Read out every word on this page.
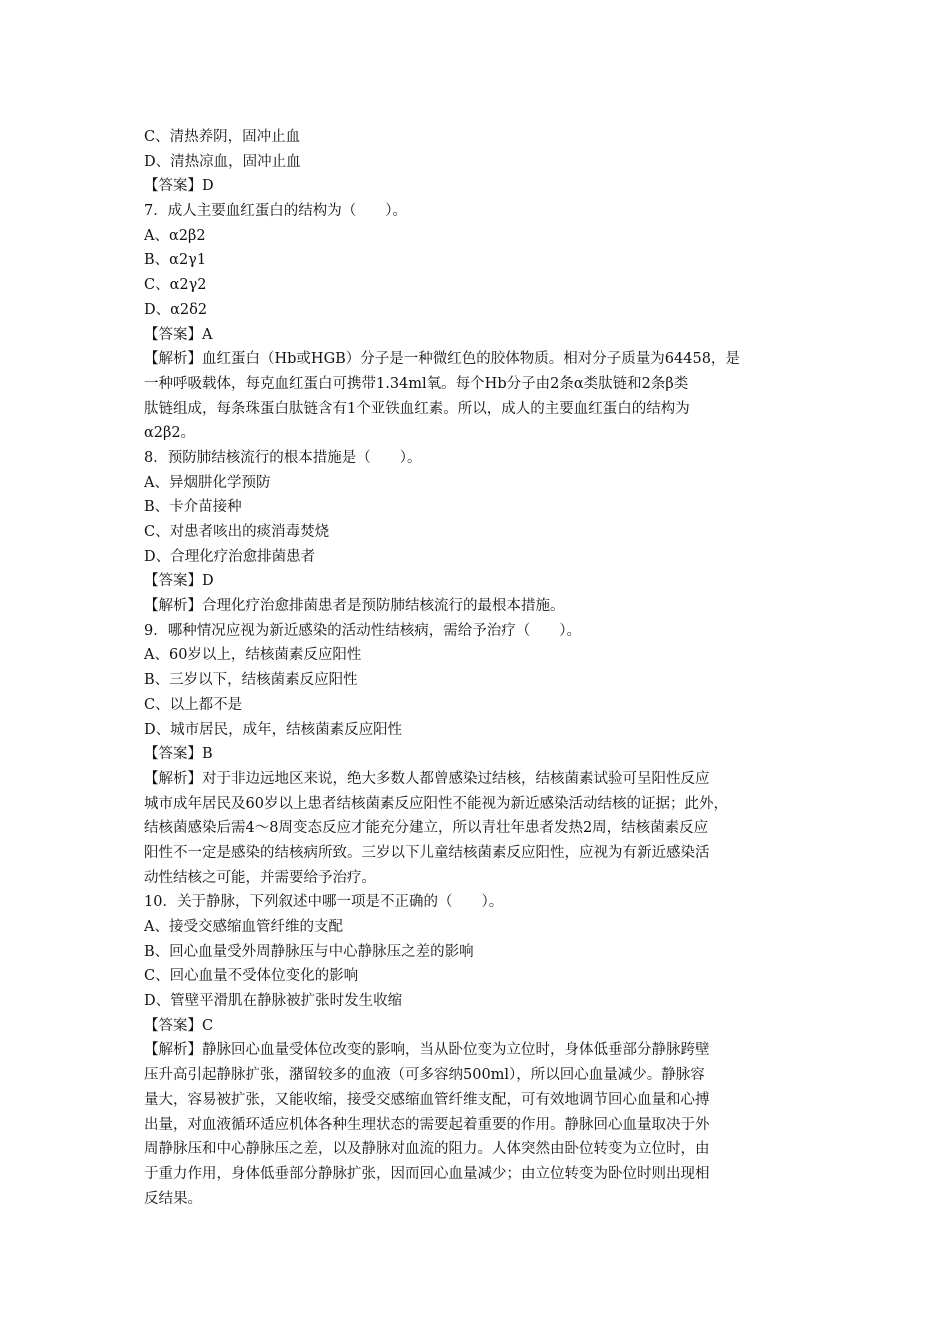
C、清热养阴，固冲止血
D、清热凉血，固冲止血
【答案】D
7．成人主要血红蛋白的结构为（　　）。
A、α2β2
B、α2γ1
C、α2γ2
D、α2δ2
【答案】A
【解析】血红蛋白（Hb或HGB）分子是一种微红色的胶体物质。相对分子质量为64458，是
一种呼吸载体，每克血红蛋白可携带1.34ml氧。每个Hb分子由2条α类肽链和2条β类
肽链组成，每条珠蛋白肽链含有1个亚铁血红素。所以，成人的主要血红蛋白的结构为
α2β2。
8．预防肺结核流行的根本措施是（　　）。
A、异烟肼化学预防
B、卡介苗接种
C、对患者咳出的痰消毒焚烧
D、合理化疗治愈排菌患者
【答案】D
【解析】合理化疗治愈排菌患者是预防肺结核流行的最根本措施。
9．哪种情况应视为新近感染的活动性结核病，需给予治疗（　　）。
A、60岁以上，结核菌素反应阳性
B、三岁以下，结核菌素反应阳性
C、以上都不是
D、城市居民，成年，结核菌素反应阳性
【答案】B
【解析】对于非边远地区来说，绝大多数人都曾感染过结核，结核菌素试验可呈阳性反应
城市成年居民及60岁以上患者结核菌素反应阳性不能视为新近感染活动结核的证据；此外，
结核菌感染后需4～8周变态反应才能充分建立，所以青壮年患者发热2周，结核菌素反应
阳性不一定是感染的结核病所致。三岁以下儿童结核菌素反应阳性，应视为有新近感染活
动性结核之可能，并需要给予治疗。
10．关于静脉，下列叙述中哪一项是不正确的（　　）。
A、接受交感缩血管纤维的支配
B、回心血量受外周静脉压与中心静脉压之差的影响
C、回心血量不受体位变化的影响
D、管壁平滑肌在静脉被扩张时发生收缩
【答案】C
【解析】静脉回心血量受体位改变的影响，当从卧位变为立位时，身体低垂部分静脉跨壁
压升高引起静脉扩张，潴留较多的血液（可多容纳500ml），所以回心血量减少。静脉容
量大，容易被扩张，又能收缩，接受交感缩血管纤维支配，可有效地调节回心血量和心搏
出量，对血液循环适应机体各种生理状态的需要起着重要的作用。静脉回心血量取决于外
周静脉压和中心静脉压之差，以及静脉对血流的阻力。人体突然由卧位转变为立位时，由
于重力作用，身体低垂部分静脉扩张，因而回心血量减少；由立位转变为卧位时则出现相
反结果。
